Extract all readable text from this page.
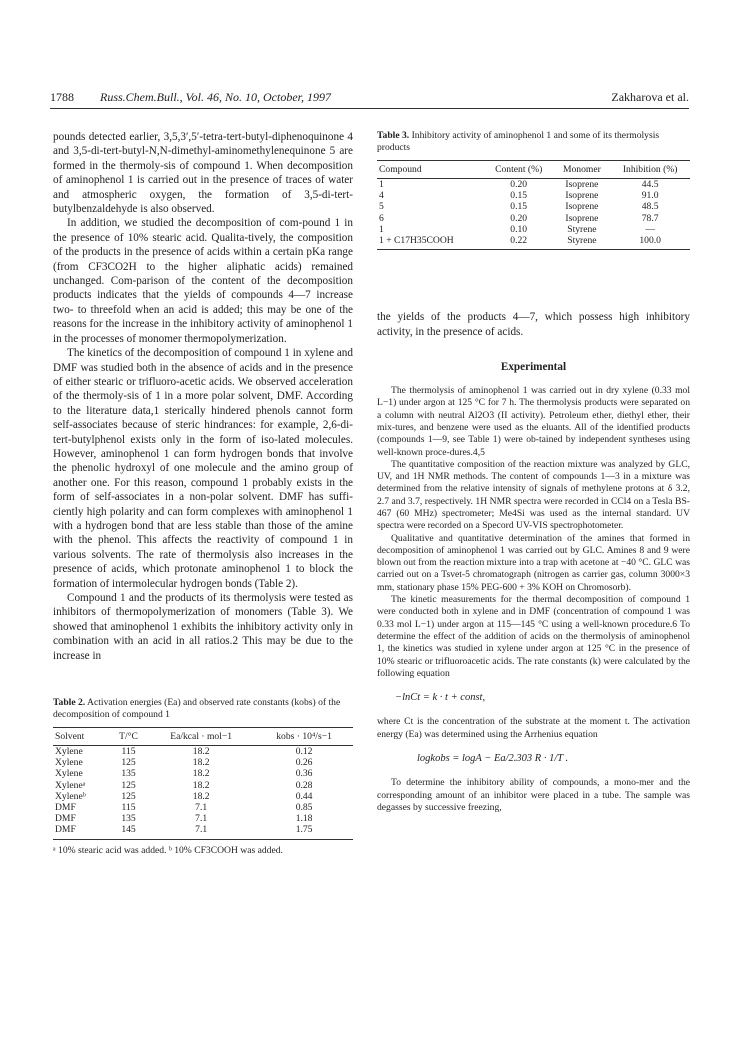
1788 Russ.Chem.Bull., Vol. 46, No. 10, October, 1997	Zakharova et al.

pounds detected earlier, 3,5,3′,5′-tetra-tert-butyl-diphenoquinone 4 and 3,5-di-tert-butyl-N,N-dimethyl-aminomethylenequinone 5 are formed in the thermoly-sis of compound 1. When decomposition of aminophenol 1 is carried out in the presence of traces of water and atmospheric oxygen, the formation of 3,5-di-tert-butylbenzaldehyde is also observed.

In addition, we studied the decomposition of com-pound 1 in the presence of 10% stearic acid. Qualita-tively, the composition of the products in the presence of acids within a certain pKa range (from CF3CO2H to the higher aliphatic acids) remained unchanged. Com-parison of the content of the decomposition products indicates that the yields of compounds 4—7 increase two- to threefold when an acid is added; this may be one of the reasons for the increase in the inhibitory activity of aminophenol 1 in the processes of monomer thermopolymerization.

The kinetics of the decomposition of compound 1 in xylene and DMF was studied both in the absence of acids and in the presence of either stearic or trifluoro-acetic acids. We observed acceleration of the thermoly-sis of 1 in a more polar solvent, DMF. According to the literature data,1 sterically hindered phenols cannot form self-associates because of steric hindrances: for example, 2,6-di-tert-butylphenol exists only in the form of iso-lated molecules. However, aminophenol 1 can form hydrogen bonds that involve the phenolic hydroxyl of one molecule and the amino group of another one. For this reason, compound 1 probably exists in the form of self-associates in a non-polar solvent. DMF has suffi-ciently high polarity and can form complexes with aminophenol 1 with a hydrogen bond that are less stable than those of the amine with the phenol. This affects the reactivity of compound 1 in various solvents. The rate of thermolysis also increases in the presence of acids, which protonate aminophenol 1 to block the formation of intermolecular hydrogen bonds (Table 2).

Compound 1 and the products of its thermolysis were tested as inhibitors of thermopolymerization of monomers (Table 3). We showed that aminophenol 1 exhibits the inhibitory activity only in combination with an acid in all ratios.2 This may be due to the increase in

Table 2. Activation energies (Ea) and observed rate constants (kobs) of the decomposition of compound 1
Solvent	T/°C	Ea/kcal · mol−1	kobs · 10⁴/s−1
Xylene	115	18.2	0.12
Xylene	125	18.2	0.26
Xylene	135	18.2	0.36
Xyleneᵃ	125	18.2	0.28
Xyleneᵇ	125	18.2	0.44
DMF	115	7.1	0.85
DMF	135	7.1	1.18
DMF	145	7.1	1.75
ᵃ 10% stearic acid was added. ᵇ 10% CF3COOH was added.
Table 3. Inhibitory activity of aminophenol 1 and some of its thermolysis products
Compound	Content (%)	Monomer	Inhibition (%)
1	0.20	Isoprene	44.5
4	0.15	Isoprene	91.0
5	0.15	Isoprene	48.5
6	0.20	Isoprene	78.7
1	0.10	Styrene	—
1 + C17H35COOH	0.22	Styrene	100.0

the yields of the products 4—7, which possess high inhibitory activity, in the presence of acids.

Experimental

The thermolysis of aminophenol 1 was carried out in dry xylene (0.33 mol L−1) under argon at 125 °C for 7 h. The thermolysis products were separated on a column with neutral Al2O3 (II activity). Petroleum ether, diethyl ether, their mix-tures, and benzene were used as the eluants. All of the identified products (compounds 1—9, see Table 1) were ob-tained by independent syntheses using well-known proce-dures.4,5

The quantitative composition of the reaction mixture was analyzed by GLC, UV, and 1H NMR methods. The content of compounds 1—3 in a mixture was determined from the relative intensity of signals of methylene protons at δ 3.2, 2.7 and 3.7, respectively. 1H NMR spectra were recorded in CCl4 on a Tesla BS-467 (60 MHz) spectrometer; Me4Si was used as the internal standard. UV spectra were recorded on a Specord UV-VIS spectrophotometer.

Qualitative and quantitative determination of the amines that formed in decomposition of aminophenol 1 was carried out by GLC. Amines 8 and 9 were blown out from the reaction mixture into a trap with acetone at −40 °C. GLC was carried out on a Tsvet-5 chromatograph (nitrogen as carrier gas, column 3000×3 mm, stationary phase 15% PEG-600 + 3% KOH on Chromosorb).

The kinetic measurements for the thermal decomposition of compound 1 were conducted both in xylene and in DMF (concentration of compound 1 was 0.33 mol L−1) under argon at 115—145 °C using a well-known procedure.6 To determine the effect of the addition of acids on the thermolysis of aminophenol 1, the kinetics was studied in xylene under argon at 125 °C in the presence of 10% stearic or trifluoroacetic acids. The rate constants (k) were calculated by the following equation

−lnCt = k · t + const,

where Ct is the concentration of the substrate at the moment t. The activation energy (Ea) was determined using the Arrhenius equation

logkobs = logA − Ea/2.303 R · 1/T .

To determine the inhibitory ability of compounds, a mono-mer and the corresponding amount of an inhibitor were placed in a tube. The sample was degasses by successive freezing,
